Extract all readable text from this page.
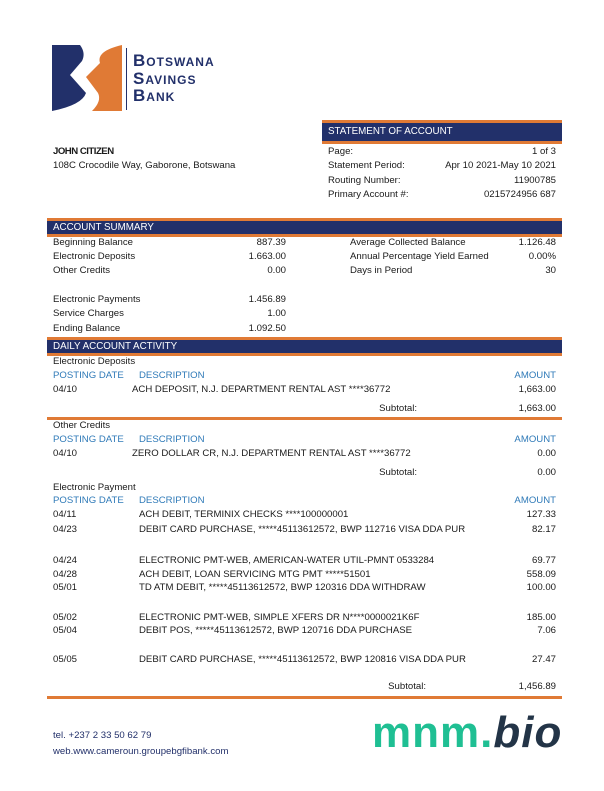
Botswana
Savings
Bank
JOHN CITIZEN
108C Crocodile Way, Gaborone, Botswana
STATEMENT OF ACCOUNT
Page:	1 of 3
Statement Period:	Apr 10 2021-May 10 2021
Routing Number:	11900785
Primary Account #:	0215724956 687
ACCOUNT SUMMARY
Beginning Balance	887.39
Electronic Deposits	1.663.00
Other Credits	0.00
Electronic Payments	1.456.89
Service Charges	1.00
Ending Balance	1.092.50
Average Collected Balance	1.126.48
Annual Percentage Yield Earned	0.00%
Days in Period	30
DAILY ACCOUNT ACTIVITY
Electronic Deposits
POSTING DATE DESCRIPTION	AMOUNT
04/10	ACH DEPOSIT, N.J. DEPARTMENT RENTAL AST ****36772	1,663.00
Subtotal:	1,663.00
Other Credits
POSTING DATE DESCRIPTION	AMOUNT
04/10	ZERO DOLLAR CR, N.J. DEPARTMENT RENTAL AST ****36772	0.00
Subtotal:	0.00
Electronic Payment
POSTING DATE DESCRIPTION	AMOUNT
04/11	ACH DEBIT, TERMINIX CHECKS ****100000001	127.33
04/23	DEBIT CARD PURCHASE, *****45113612572, BWP 112716 VISA DDA PUR	82.17
04/24	ELECTRONIC PMT-WEB, AMERICAN-WATER UTIL-PMNT 0533284	69.77
04/28	ACH DEBIT, LOAN SERVICING MTG PMT *****51501	558.09
05/01	TD ATM DEBIT, *****45113612572, BWP 120316 DDA WITHDRAW	100.00
05/02	ELECTRONIC PMT-WEB, SIMPLE XFERS DR N****0000021K6F	185.00
05/04	DEBIT POS, *****45113612572, BWP 120716 DDA PURCHASE	7.06
05/05	DEBIT CARD PURCHASE, *****45113612572, BWP 120816 VISA DDA PUR	27.47
Subtotal:	1,456.89
tel. +237 2 33 50 62 79
web.www.cameroun.groupebgfibank.com	mnm.bio
